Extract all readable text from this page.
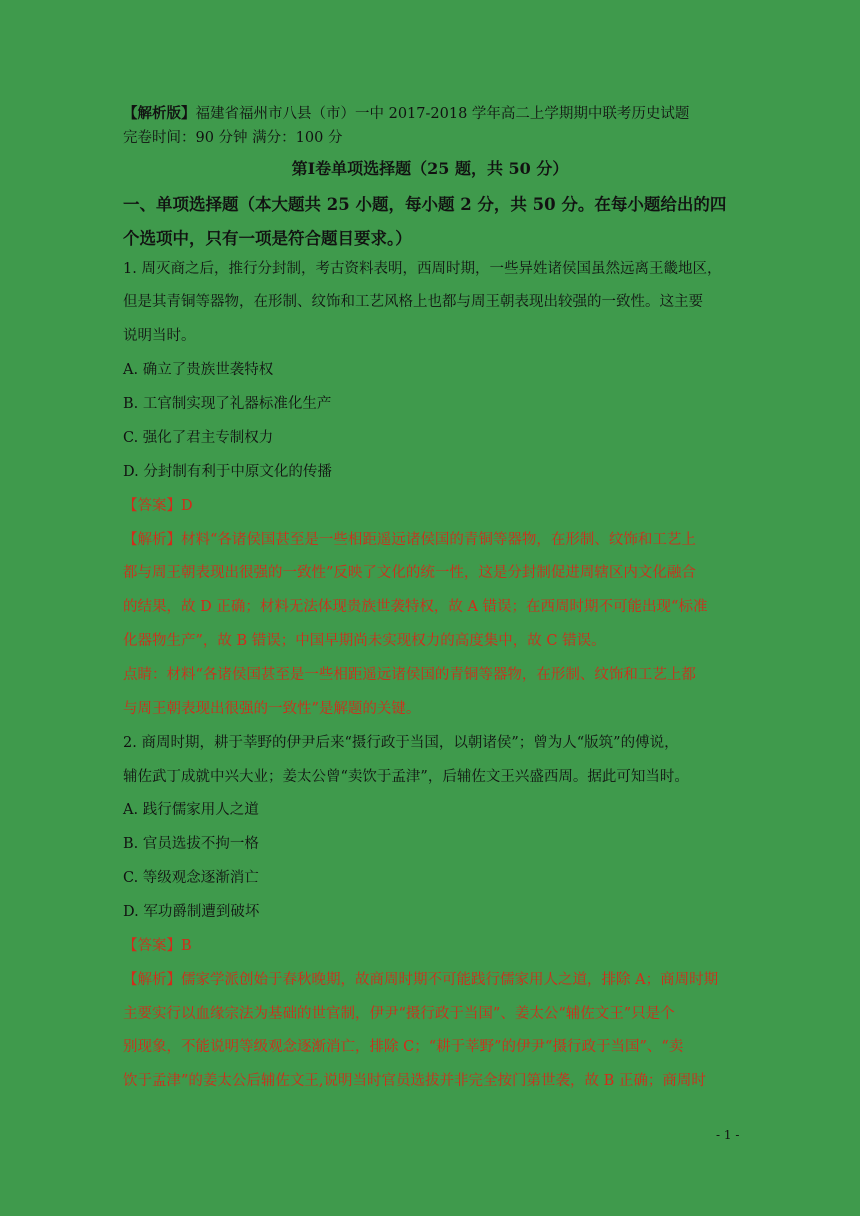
【解析版】福建省福州市八县（市）一中 2017-2018 学年高二上学期期中联考历史试题
完卷时间：90 分钟 满分：100 分
第Ⅰ卷单项选择题（25 题，共 50 分）
一、单项选择题（本大题共 25 小题，每小题 2 分，共 50 分。在每小题给出的四
个选项中，只有一项是符合题目要求。）
1. 周灭商之后，推行分封制，考古资料表明，西周时期，一些异姓诸侯国虽然远离王畿地区，
但是其青铜等器物，在形制、纹饰和工艺风格上也都与周王朝表现出较强的一致性。这主要
说明当时。
A. 确立了贵族世袭特权
B. 工官制实现了礼器标准化生产
C. 强化了君主专制权力
D. 分封制有利于中原文化的传播
【答案】D
【解析】材料“各诸侯国甚至是一些相距遥远诸侯国的青铜等器物，在形制、纹饰和工艺上
都与周王朝表现出很强的一致性”反映了文化的统一性，这是分封制促进周辖区内文化融合
的结果，故 D 正确；材料无法体现贵族世袭特权，故 A 错误；在西周时期不可能出现“标准
化器物生产”，故 B 错误；中国早期尚未实现权力的高度集中，故 C 错误。
点睛：材料“各诸侯国甚至是一些相距遥远诸侯国的青铜等器物，在形制、纹饰和工艺上都
与周王朝表现出很强的一致性”是解题的关键。
2. 商周时期，耕于莘野的伊尹后来“摄行政于当国，以朝诸侯”；曾为人“版筑”的傅说，
辅佐武丁成就中兴大业；姜太公曾“卖饮于孟津”，后辅佐文王兴盛西周。据此可知当时。
A. 践行儒家用人之道
B. 官员选拔不拘一格
C. 等级观念逐渐消亡
D. 军功爵制遭到破坏
【答案】B
【解析】儒家学派创始于春秋晚期，故商周时期不可能践行儒家用人之道，排除 A；商周时期
主要实行以血缘宗法为基础的世官制，伊尹“摄行政于当国”、姜太公“辅佐文王”只是个
别现象，不能说明等级观念逐渐消亡，排除 C；“耕于莘野”的伊尹“摄行政于当国”、“卖
饮于孟津”的姜太公后辅佐文王,说明当时官员选拔并非完全按门第世袭，故 B 正确；商周时
- 1 -
